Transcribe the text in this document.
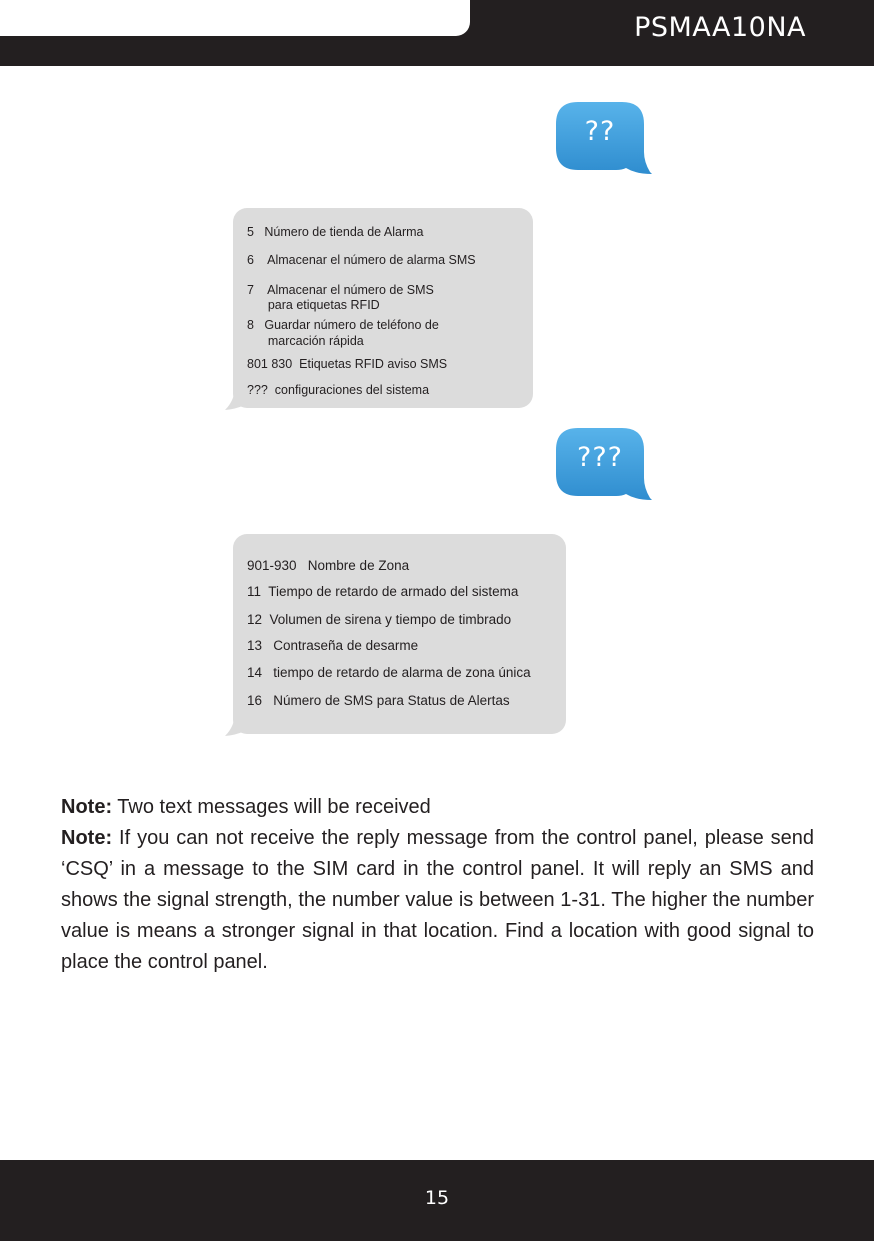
PSMAA10NA
??
5   Número de tienda de Alarma
6    Almacenar el número de alarma SMS
7    Almacenar el número de SMS
para etiquetas RFID
8   Guardar número de teléfono de
marcación rápida
801 830  Etiquetas RFID aviso SMS
???  configuraciones del sistema
???
901-930   Nombre de Zona
11  Tiempo de retardo de armado del sistema
12  Volumen de sirena y tiempo de timbrado
13   Contraseña de desarme
14   tiempo de retardo de alarma de zona única
16   Número de SMS para Status de Alertas

Note: Two text messages will be received

Note: If you can not receive the reply message from the control panel, please send ‘CSQ’ in a message to the SIM card in the control panel. It will reply an SMS and shows the signal strength, the number value is between 1-31. The higher the number value is means a stronger signal in that location. Find a location with good signal to place the control panel.

15
